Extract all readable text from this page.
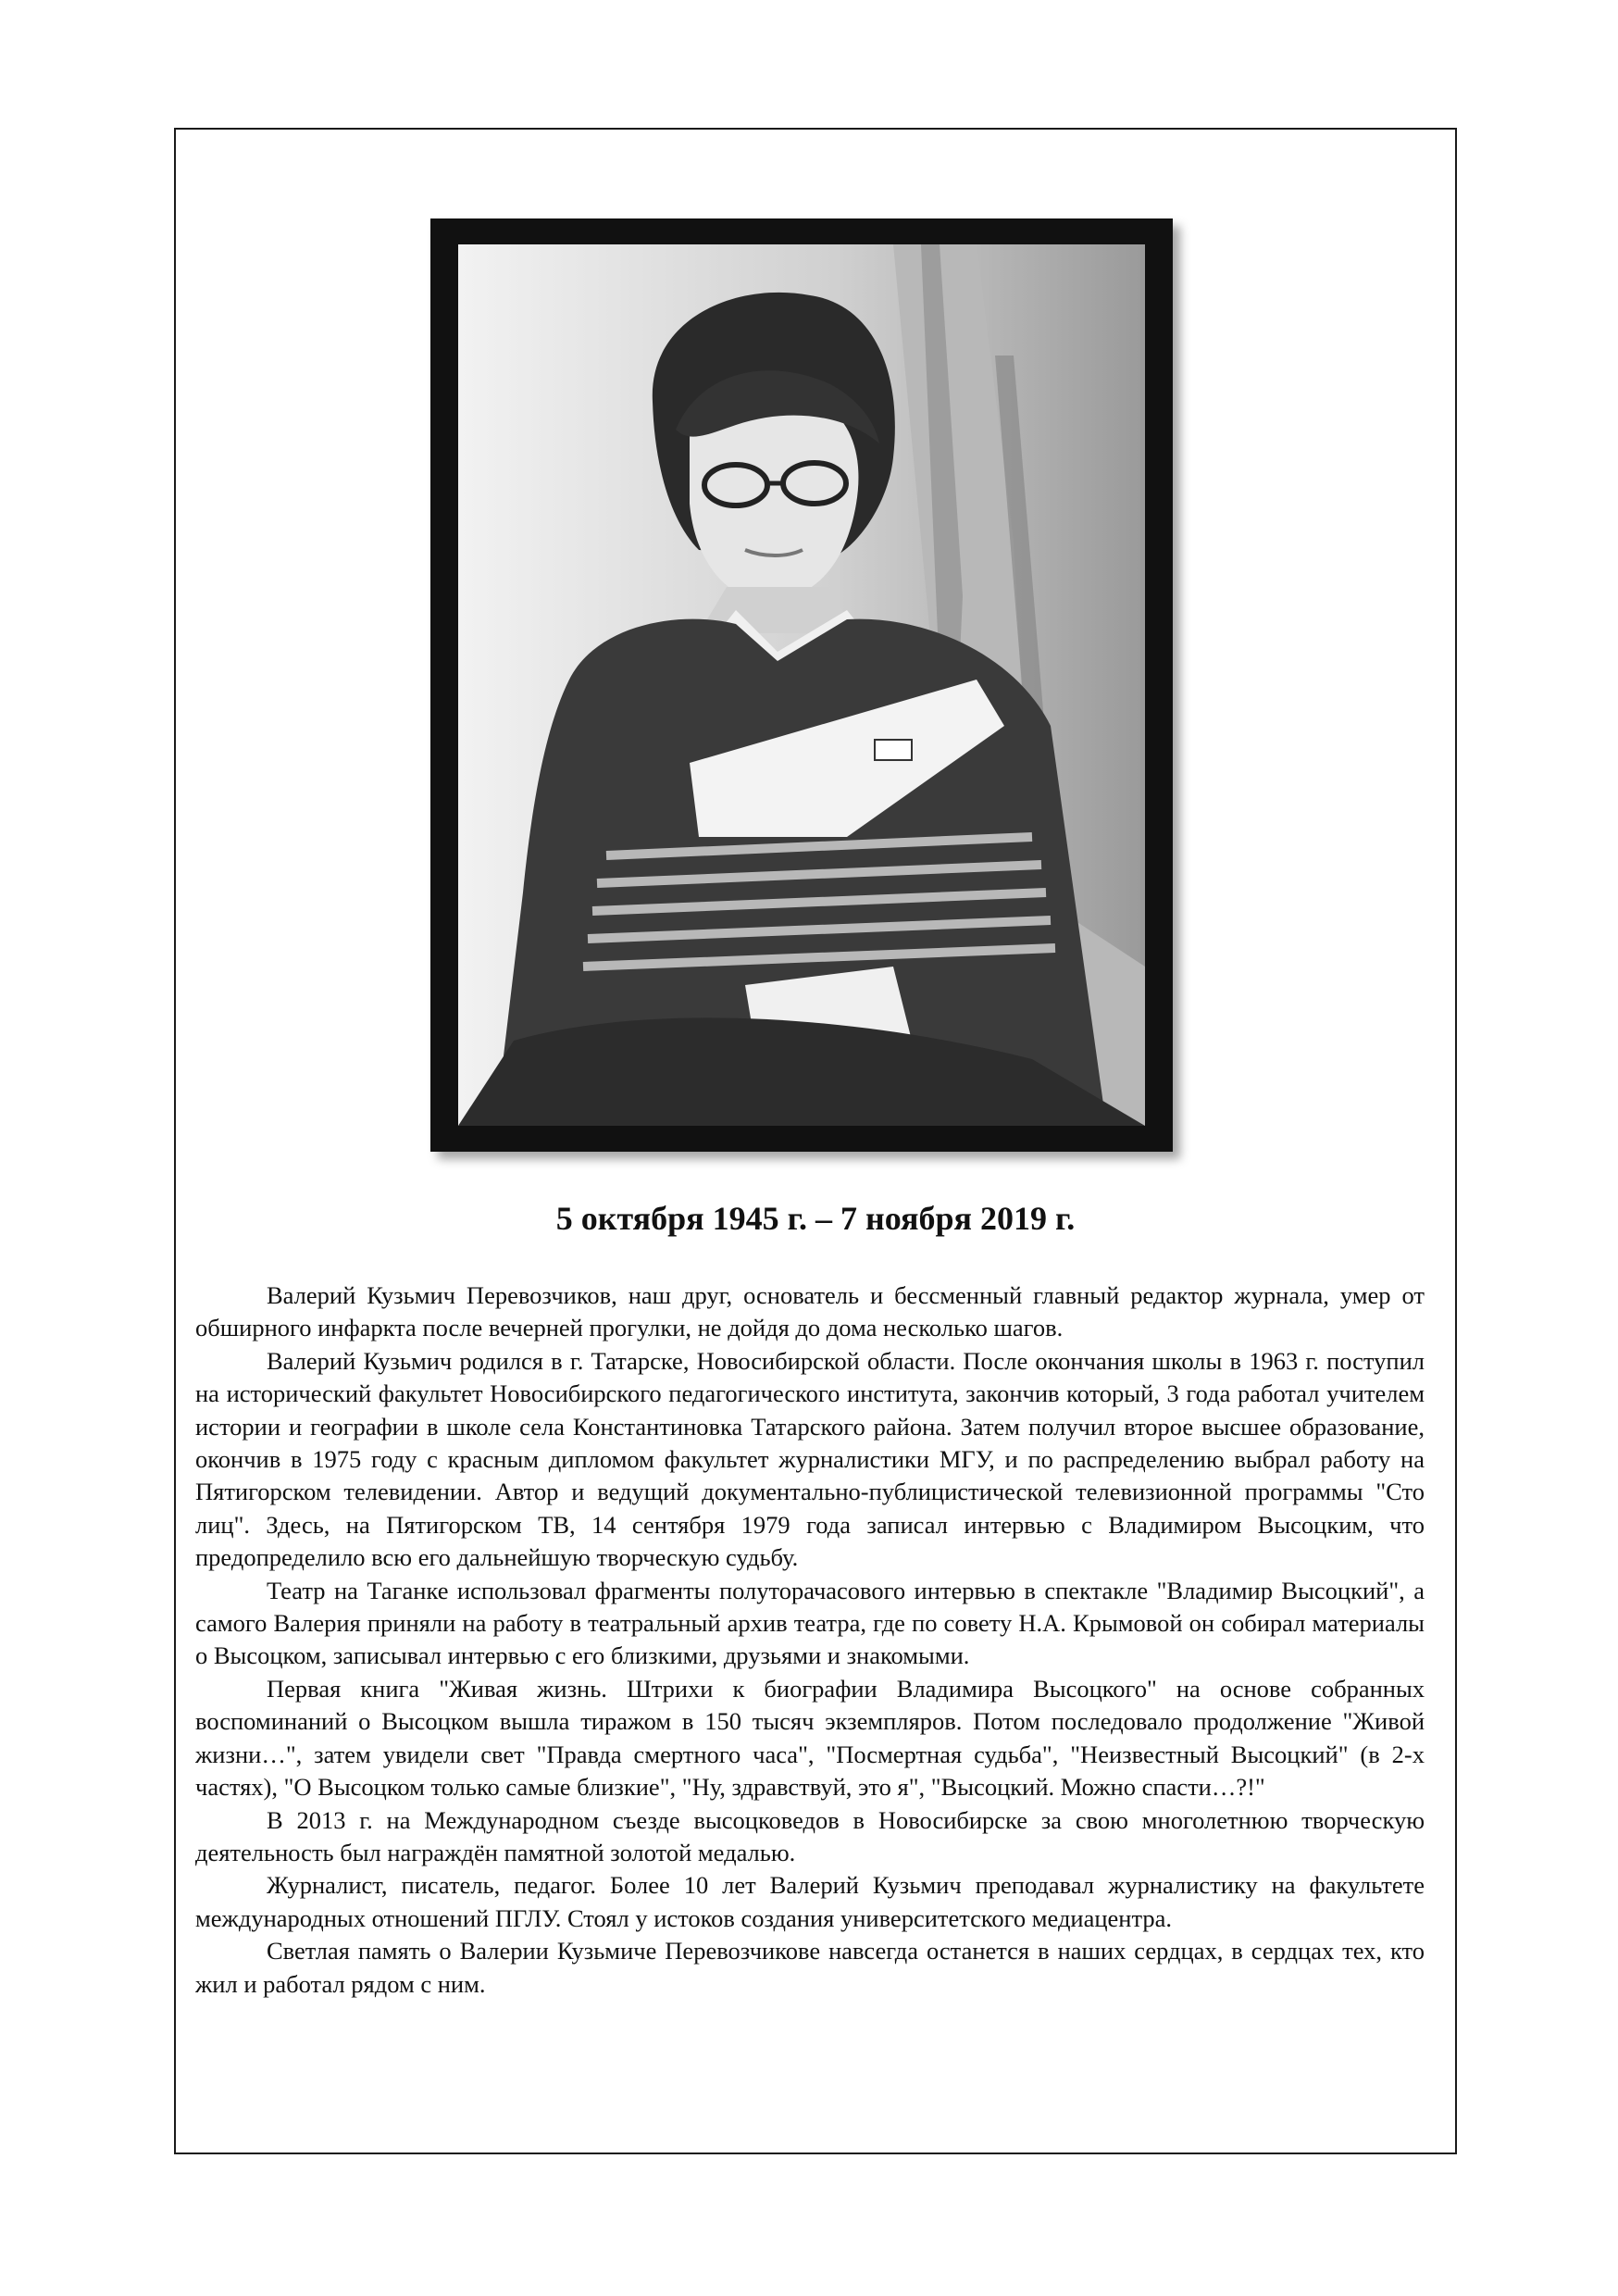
5 октября 1945 г. – 7 ноября 2019 г.

Валерий Кузьмич Перевозчиков, наш друг, основатель и бессменный главный редактор журнала, умер от обширного инфаркта после вечерней прогулки, не дойдя до дома несколько шагов.

Валерий Кузьмич родился в г. Татарске, Новосибирской области. После окончания школы в 1963 г. поступил на исторический факультет Новосибирского педагогического института, закончив который, 3 года работал учителем истории и географии в школе села Константиновка Татарского района. Затем получил второе высшее образование, окончив в 1975 году с красным дипломом факультет журналистики МГУ, и по распределению выбрал работу на Пятигорском телевидении. Автор и ведущий документально-публицистической телевизионной программы "Сто лиц". Здесь, на Пятигорском ТВ, 14 сентября 1979 года записал интервью с Владимиром Высоцким, что предопределило всю его дальнейшую творческую судьбу.

Театр на Таганке использовал фрагменты полуторачасового интервью в спектакле "Владимир Высоцкий", а самого Валерия приняли на работу в театральный архив театра, где по совету Н.А. Крымовой он собирал материалы о Высоцком, записывал интервью с его близкими, друзьями и знакомыми.

Первая книга "Живая жизнь. Штрихи к биографии Владимира Высоцкого" на основе собранных воспоминаний о Высоцком вышла тиражом в 150 тысяч экземпляров. Потом последовало продолжение "Живой жизни…", затем увидели свет "Правда смертного часа", "Посмертная судьба", "Неизвестный Высоцкий" (в 2-х частях), "О Высоцком только самые близкие", "Ну, здравствуй, это я", "Высоцкий. Можно спасти…?!"

В 2013 г. на Международном съезде высоцковедов в Новосибирске за свою многолетнюю творческую деятельность был награждён памятной золотой медалью.

Журналист, писатель, педагог. Более 10 лет Валерий Кузьмич преподавал журналистику на факультете международных отношений ПГЛУ. Стоял у истоков создания университетского медиацентра.

Светлая память о Валерии Кузьмиче Перевозчикове навсегда останется в наших сердцах, в сердцах тех, кто жил и работал рядом с ним.
